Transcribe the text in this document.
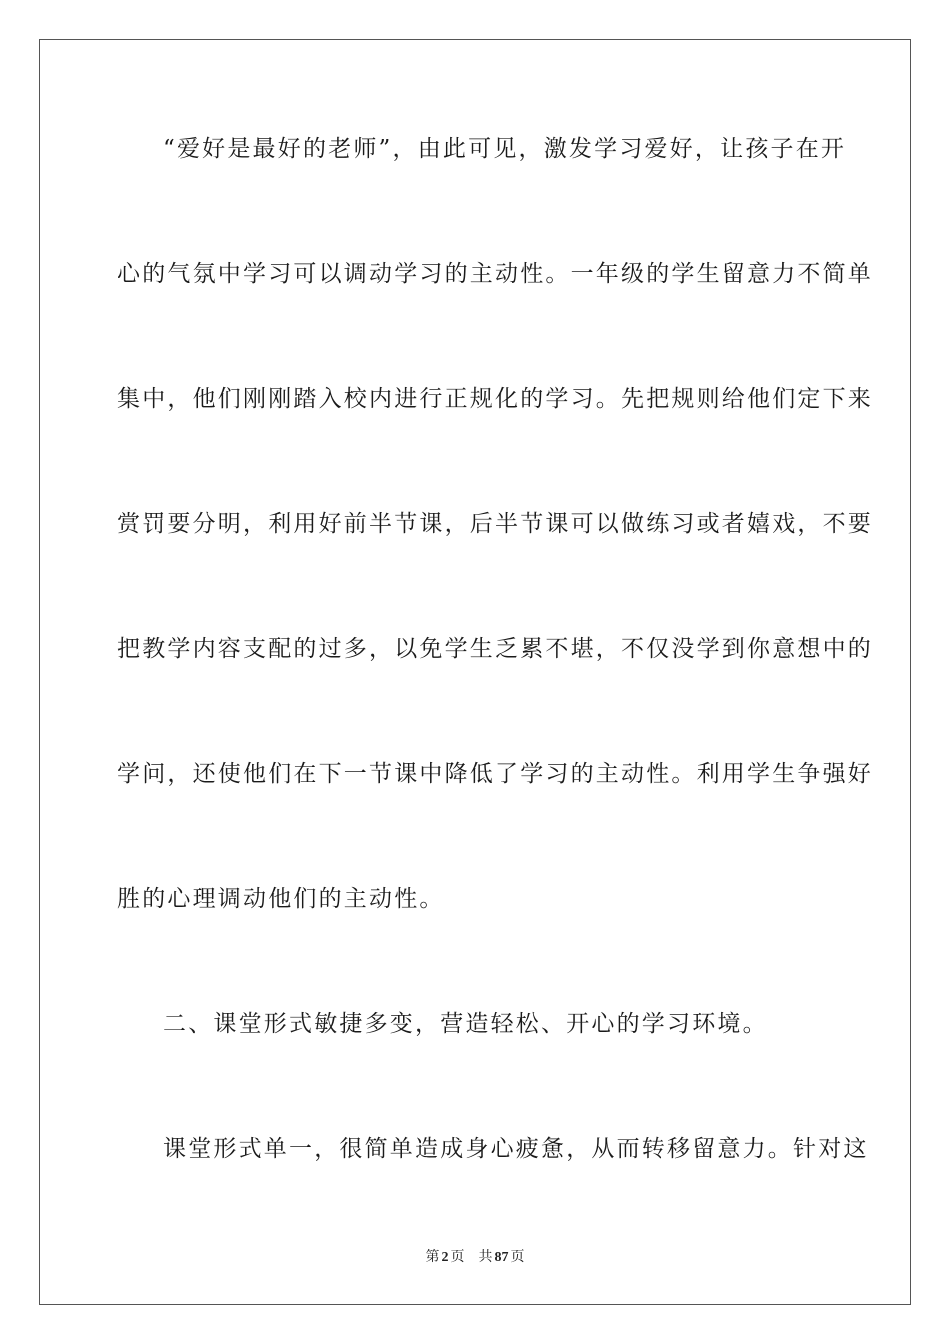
“爱好是最好的老师”，由此可见，激发学习爱好，让孩子在开
心的气氛中学习可以调动学习的主动性。一年级的学生留意力不简单
集中，他们刚刚踏入校内进行正规化的学习。先把规则给他们定下来
赏罚要分明，利用好前半节课，后半节课可以做练习或者嬉戏，不要
把教学内容支配的过多，以免学生乏累不堪，不仅没学到你意想中的
学问，还使他们在下一节课中降低了学习的主动性。利用学生争强好
胜的心理调动他们的主动性。
二、课堂形式敏捷多变，营造轻松、开心的学习环境。
课堂形式单一，很简单造成身心疲惫，从而转移留意力。针对这
第 2 页 共 87 页
